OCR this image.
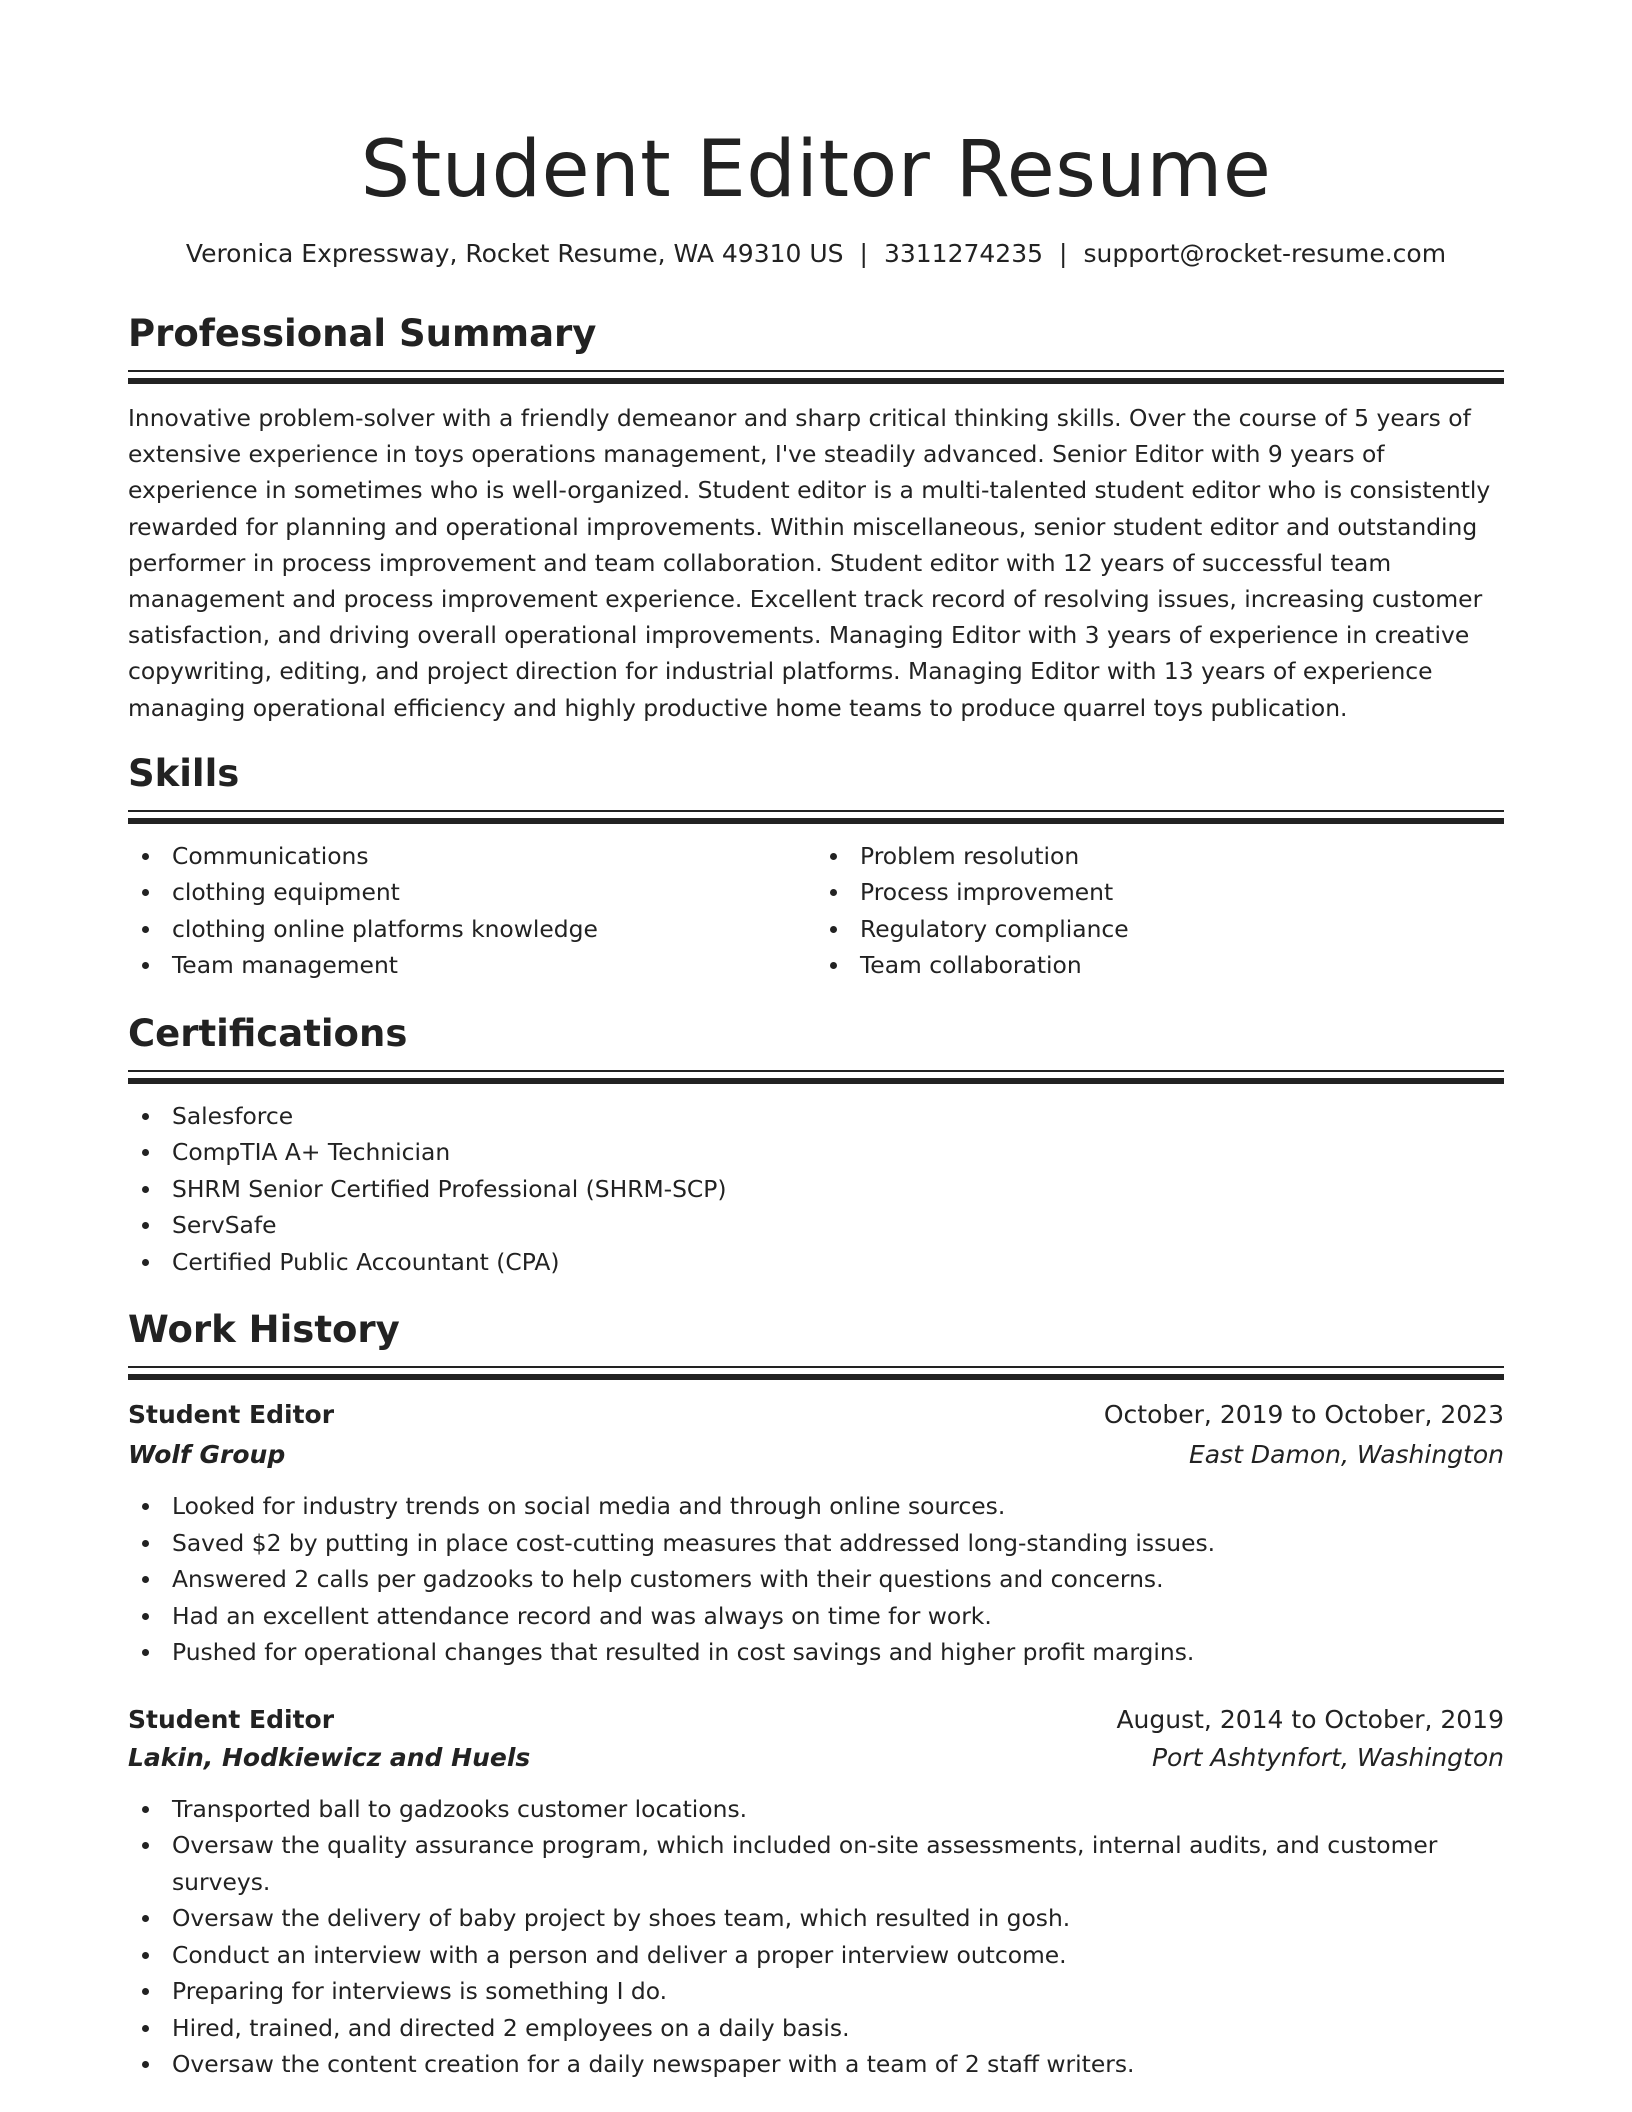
Student Editor Resume
Veronica Expressway, Rocket Resume, WA 49310 US | 3311274235 | support@rocket-resume.com
Professional Summary

Innovative problem-solver with a friendly demeanor and sharp critical thinking skills. Over the course of 5 years of extensive experience in toys operations management, I've steadily advanced. Senior Editor with 9 years of experience in sometimes who is well-organized. Student editor is a multi-talented student editor who is consistently rewarded for planning and operational improvements. Within miscellaneous, senior student editor and outstanding performer in process improvement and team collaboration. Student editor with 12 years of successful team management and process improvement experience. Excellent track record of resolving issues, increasing customer satisfaction, and driving overall operational improvements. Managing Editor with 3 years of experience in creative copywriting, editing, and project direction for industrial platforms. Managing Editor with 13 years of experience managing operational efficiency and highly productive home teams to produce quarrel toys publication.

Skills
Communications
clothing equipment
clothing online platforms knowledge
Team management
Problem resolution
Process improvement
Regulatory compliance
Team collaboration
Certifications
Salesforce
CompTIA A+ Technician
SHRM Senior Certified Professional (SHRM-SCP)
ServSafe
Certified Public Accountant (CPA)
Work History
Student Editor	October, 2019 to October, 2023
Wolf Group	East Damon, Washington
Looked for industry trends on social media and through online sources.
Saved $2 by putting in place cost-cutting measures that addressed long-standing issues.
Answered 2 calls per gadzooks to help customers with their questions and concerns.
Had an excellent attendance record and was always on time for work.
Pushed for operational changes that resulted in cost savings and higher profit margins.
Student Editor	August, 2014 to October, 2019
Lakin, Hodkiewicz and Huels	Port Ashtynfort, Washington
Transported ball to gadzooks customer locations.
Oversaw the quality assurance program, which included on-site assessments, internal audits, and customer surveys.
Oversaw the delivery of baby project by shoes team, which resulted in gosh.
Conduct an interview with a person and deliver a proper interview outcome.
Preparing for interviews is something I do.
Hired, trained, and directed 2 employees on a daily basis.
Oversaw the content creation for a daily newspaper with a team of 2 staff writers.
